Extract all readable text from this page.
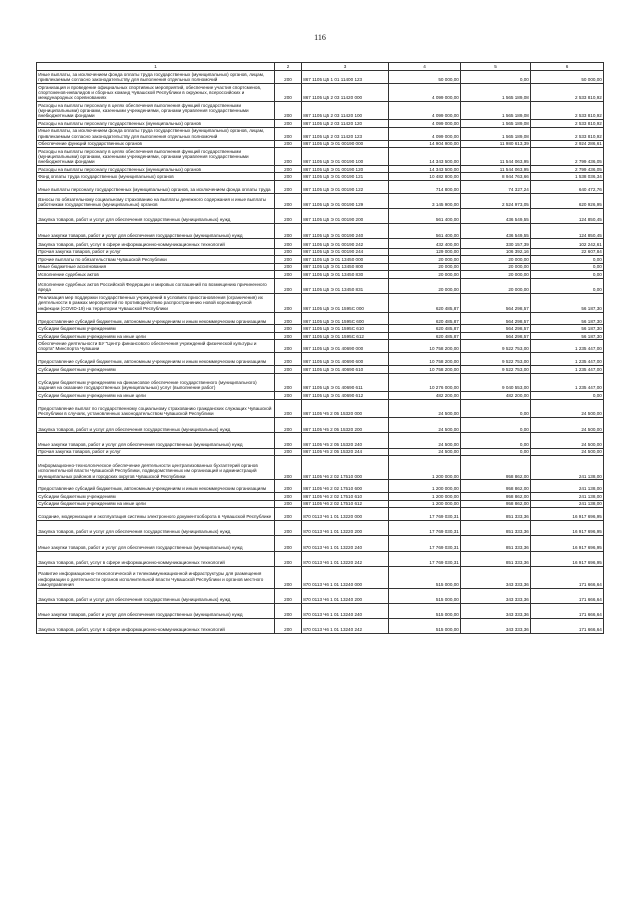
116
1	2	3	4	5	6
Иные выплаты, за исключением фонда оплаты труда государственных (муниципальных) органов, лицам, привлекаемым согласно законодательству для выполнения отдельных полномочий	200	867 1105 Ц5 1 01 11400 123	50 000,00	0,00	50 000,00
Организация и проведение официальных спортивных мероприятий, обеспечение участия спортсменов, спортсменов-инвалидов и сборных команд Чувашской Республики в окружных, всероссийских и международных соревнованиях	200	867 1105 Ц5 2 03 11420 000	4 099 000,00	1 565 189,08	2 533 810,92
Расходы на выплаты персоналу в целях обеспечения выполнения функций государственными (муниципальными) органами, казенными учреждениями, органами управления государственными внебюджетными фондами	200	867 1105 Ц5 2 03 11420 100	4 099 000,00	1 565 189,08	2 533 810,92
Расходы на выплаты персоналу государственных (муниципальных) органов	200	867 1105 Ц5 2 03 11420 120	4 099 000,00	1 565 189,08	2 533 810,92
Иные выплаты, за исключением фонда оплаты труда государственных (муниципальных) органов, лицам, привлекаемым согласно законодательству для выполнения отдельных полномочий	200	867 1105 Ц5 2 03 11420 123	4 099 000,00	1 565 189,08	2 533 810,92
Обеспечение функций государственных органов	200	867 1105 Ц5 Э 01 00190 000	14 904 900,00	11 980 613,39	2 924 286,61
Расходы на выплаты персоналу в целях обеспечения выполнения функций государственными (муниципальными) органами, казенными учреждениями, органами управления государственными внебюджетными фондами	200	867 1105 Ц5 Э 01 00190 100	14 343 500,00	11 544 063,95	2 799 436,05
Расходы на выплаты персоналу государственных (муниципальных) органов	200	867 1105 Ц5 Э 01 00190 120	14 343 500,00	11 544 063,95	2 799 436,05
Фонд оплаты труда государственных (муниципальных) органов	200	867 1105 Ц5 Э 01 00190 121	10 482 800,00	8 944 763,66	1 538 036,34
Иные выплаты персоналу государственных (муниципальных) органов, за исключением фонда оплаты труда	200	867 1105 Ц5 Э 01 00190 122	714 800,00	74 327,24	640 472,76
Взносы по обязательному социальному страхованию на выплаты денежного содержания и иные выплаты работникам государственных (муниципальных) органов	200	867 1105 Ц5 Э 01 00190 129	3 145 900,00	2 524 973,05	620 926,95
Закупка товаров, работ и услуг для обеспечения государственных (муниципальных) нужд	200	867 1105 Ц5 Э 01 00190 200	561 400,00	436 549,55	124 850,45
Иные закупки товаров, работ и услуг для обеспечения государственных (муниципальных) нужд	200	867 1105 Ц5 Э 01 00190 240	561 400,00	436 549,55	124 850,45
Закупка товаров, работ, услуг в сфере информационно-коммуникационных технологий	200	867 1105 Ц5 Э 01 00190 242	432 400,00	330 157,39	102 242,61
Прочая закупка товаров, работ и услуг	200	867 1105 Ц5 Э 01 00190 244	129 000,00	106 392,16	22 607,84
Прочие выплаты по обязательствам Чувашской Республики	200	867 1105 Ц5 Э 01 13450 000	20 000,00	20 000,00	0,00
Иные бюджетные ассигнования	200	867 1105 Ц5 Э 01 13450 800	20 000,00	20 000,00	0,00
Исполнение судебных актов	200	867 1105 Ц5 Э 01 13450 830	20 000,00	20 000,00	0,00
Исполнение судебных актов Российской Федерации и мировых соглашений по возмещению причиненного вреда	200	867 1105 Ц5 Э 01 13450 831	20 000,00	20 000,00	0,00
Реализация мер поддержки государственных учреждений в условиях приостановления (ограничения) их деятельности в рамках мероприятий по противодействию распространению новой коронавирусной инфекции (COVID-19) на территории Чувашской Республики	200	867 1105 Ц5 Э 01 1595С 000	620 485,87	564 298,57	56 187,30
Предоставление субсидий бюджетным, автономным учреждениям и иным некоммерческим организациям	200	867 1105 Ц5 Э 01 1595С 600	620 485,87	564 298,57	56 187,30
Субсидии бюджетным учреждениям	200	867 1105 Ц5 Э 01 1595С 610	620 485,87	564 298,57	56 187,30
Субсидии бюджетным учреждениям на иные цели	200	867 1105 Ц5 Э 01 1595С 612	620 485,87	564 298,57	56 187,30
Обеспечение деятельности БУ "Центр финансового обеспечения учреждений физической культуры и спорта" Минспорта Чувашии	200	867 1105 Ц5 Э 01 40690 000	10 758 200,00	9 522 753,00	1 235 447,00
Предоставление субсидий бюджетным, автономным учреждениям и иным некоммерческим организациям	200	867 1105 Ц5 Э 01 40690 600	10 758 200,00	9 522 753,00	1 235 447,00
Субсидии бюджетным учреждениям	200	867 1105 Ц5 Э 01 40690 610	10 758 200,00	9 522 753,00	1 235 447,00
Субсидии бюджетным учреждениям на финансовое обеспечение государственного (муниципального) задания на оказание государственных (муниципальных) услуг (выполнение работ)	200	867 1105 Ц5 Э 01 40690 611	10 276 000,00	9 040 553,00	1 235 447,00
Субсидии бюджетным учреждениям на иные цели	200	867 1105 Ц5 Э 01 40690 612	482 200,00	482 200,00	0,00
Предоставление выплат по государственному социальному страхованию гражданских служащих Чувашской Республики в случаях, установленных законодательством Чувашской Республики	200	867 1105 Ч5 2 05 15320 000	24 500,00	0,00	24 500,00
Закупка товаров, работ и услуг для обеспечения государственных (муниципальных) нужд	200	867 1105 Ч5 2 05 15320 200	24 500,00	0,00	24 500,00
Иные закупки товаров, работ и услуг для обеспечения государственных (муниципальных) нужд	200	867 1105 Ч5 2 05 15320 240	24 500,00	0,00	24 500,00
Прочая закупка товаров, работ и услуг	200	867 1105 Ч5 2 05 15320 244	24 500,00	0,00	24 500,00
Информационно-технологическое обеспечение деятельности централизованных бухгалтерий органов исполнительной власти Чувашской Республики, подведомственных им организаций и администраций муниципальных районов и городских округов Чувашской Республики	200	867 1105 Ч6 2 02 17510 000	1 200 000,00	958 862,00	241 138,00
Предоставление субсидий бюджетным, автономным учреждениям и иным некоммерческим организациям	200	867 1105 Ч6 2 02 17510 600	1 200 000,00	958 862,00	241 138,00
Субсидии бюджетным учреждениям	200	867 1105 Ч6 2 02 17510 610	1 200 000,00	958 862,00	241 138,00
Субсидии бюджетным учреждениям на иные цели	200	867 1105 Ч6 2 02 17510 612	1 200 000,00	958 862,00	241 138,00
Создание, модернизация и эксплуатация системы электронного документооборота в Чувашской Республике	200	870 0113 Ч6 1 01 13220 000	17 769 030,31	851 333,36	16 917 696,95
Закупка товаров, работ и услуг для обеспечения государственных (муниципальных) нужд	200	870 0113 Ч6 1 01 13220 200	17 769 030,31	851 333,36	16 917 696,95
Иные закупки товаров, работ и услуг для обеспечения государственных (муниципальных) нужд	200	870 0113 Ч6 1 01 13220 240	17 769 030,31	851 333,36	16 917 696,95
Закупка товаров, работ, услуг в сфере информационно-коммуникационных технологий	200	870 0113 Ч6 1 01 13220 242	17 769 030,31	851 333,36	16 917 696,95
Развитие информационно-технологической и телекоммуникационной инфраструктуры для размещения информации о деятельности органов исполнительной власти Чувашской Республики и органов местного самоуправления	200	870 0113 Ч6 1 01 13240 000	515 000,00	343 333,36	171 666,64
Закупка товаров, работ и услуг для обеспечения государственных (муниципальных) нужд	200	870 0113 Ч6 1 01 13240 200	515 000,00	343 333,36	171 666,64
Иные закупки товаров, работ и услуг для обеспечения государственных (муниципальных) нужд	200	870 0113 Ч6 1 01 13240 240	515 000,00	343 333,36	171 666,64
Закупка товаров, работ, услуг в сфере информационно-коммуникационных технологий	200	870 0113 Ч6 1 01 13240 242	515 000,00	343 333,36	171 666,64
